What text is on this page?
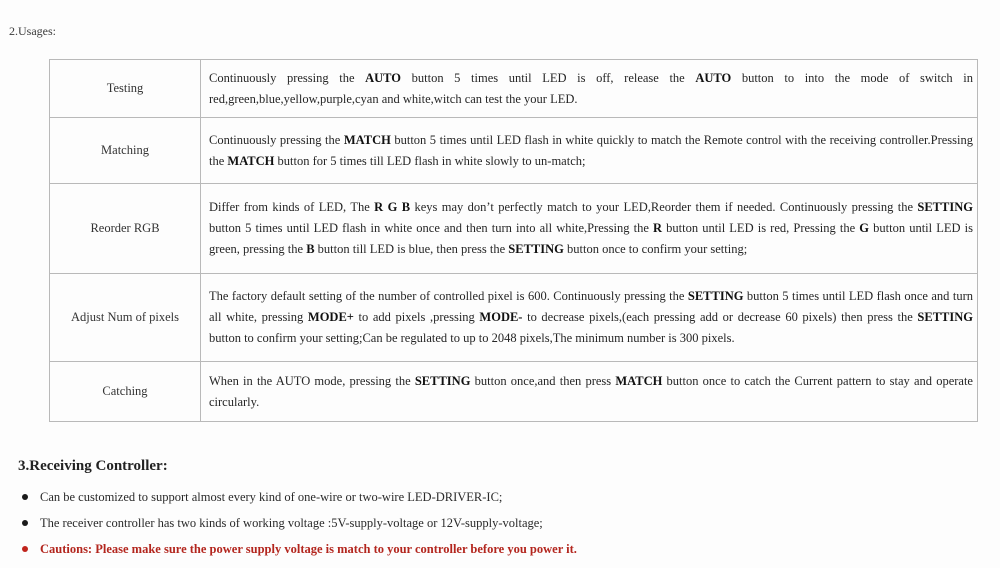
2.Usages:
Testing	Continuously pressing the AUTO button 5 times until LED is off, release the AUTO button to into the mode of switch in red,green,blue,yellow,purple,cyan and white,witch can test the your LED.
Matching	Continuously pressing the MATCH button 5 times until LED flash in white quickly to match the Remote control with the receiving controller.Pressing the MATCH button for 5 times till LED flash in white slowly to un-match;
Reorder RGB	Differ from kinds of LED, The R G B keys may don’t perfectly match to your LED,Reorder them if needed. Continuously pressing the SETTING button 5 times until LED flash in white once and then turn into all white,Pressing the R button until LED is red, Pressing the G button until LED is green, pressing the B button till LED is blue, then press the SETTING button once to confirm your setting;
Adjust Num of pixels	The factory default setting of the number of controlled pixel is 600. Continuously pressing the SETTING button 5 times until LED flash once and turn all white, pressing MODE+ to add pixels ,pressing MODE- to decrease pixels,(each pressing add or decrease 60 pixels) then press the SETTING button to confirm your setting;Can be regulated to up to 2048 pixels,The minimum number is 300 pixels.
Catching	When in the AUTO mode, pressing the SETTING button once,and then press MATCH button once to catch the Current pattern to stay and operate circularly.
3.Receiving Controller:
Can be customized to support almost every kind of one-wire or two-wire LED-DRIVER-IC;
The receiver controller has two kinds of working voltage :5V-supply-voltage or 12V-supply-voltage;
Cautions: Please make sure the power supply voltage is match to your controller before you power it.
